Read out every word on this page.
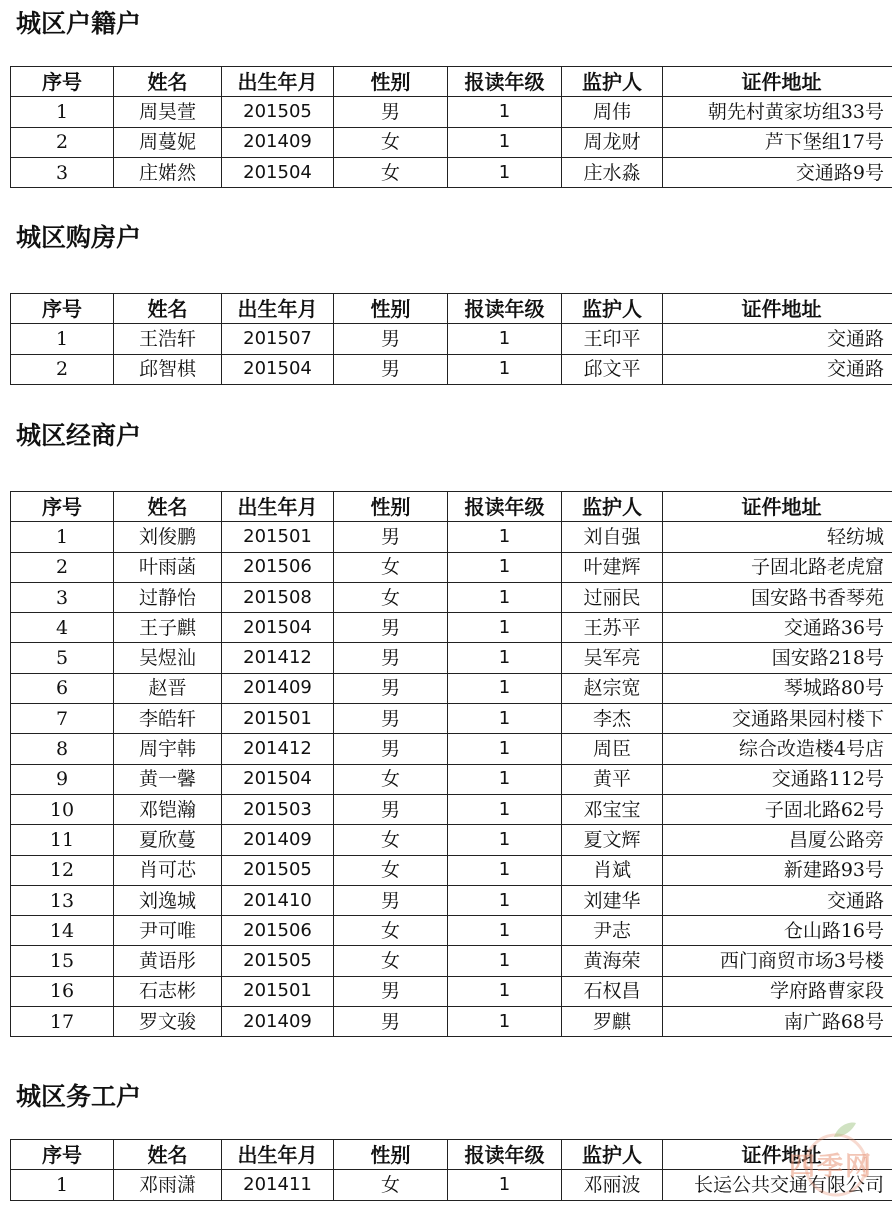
城区户籍户
序号	姓名	出生年月	性别	报读年级	监护人	证件地址
1	周昊萱	201505	男	1	周伟	朝先村黄家坊组33号
2	周蔓妮	201409	女	1	周龙财	芦下堡组17号
3	庄婼然	201504	女	1	庄水淼	交通路9号
城区购房户
序号	姓名	出生年月	性别	报读年级	监护人	证件地址
1	王浩轩	201507	男	1	王印平	交通路
2	邱智棋	201504	男	1	邱文平	交通路
城区经商户
序号	姓名	出生年月	性别	报读年级	监护人	证件地址
1	刘俊鹏	201501	男	1	刘自强	轻纺城
2	叶雨菡	201506	女	1	叶建辉	子固北路老虎窟
3	过静怡	201508	女	1	过丽民	国安路书香琴苑
4	王子麒	201504	男	1	王苏平	交通路36号
5	吴煜汕	201412	男	1	吴军亮	国安路218号
6	赵晋	201409	男	1	赵宗宽	琴城路80号
7	李皓轩	201501	男	1	李杰	交通路果园村楼下
8	周宇韩	201412	男	1	周臣	综合改造楼4号店
9	黄一馨	201504	女	1	黄平	交通路112号
10	邓铠瀚	201503	男	1	邓宝宝	子固北路62号
11	夏欣蔓	201409	女	1	夏文辉	昌厦公路旁
12	肖可芯	201505	女	1	肖斌	新建路93号
13	刘逸城	201410	男	1	刘建华	交通路
14	尹可唯	201506	女	1	尹志	仓山路16号
15	黄语彤	201505	女	1	黄海荣	西门商贸市场3号楼
16	石志彬	201501	男	1	石权昌	学府路曹家段
17	罗文骏	201409	男	1	罗麒	南广路68号
城区务工户
序号	姓名	出生年月	性别	报读年级	监护人	证件地址
1	邓雨潇	201411	女	1	邓丽波	长运公共交通有限公司
四季网
